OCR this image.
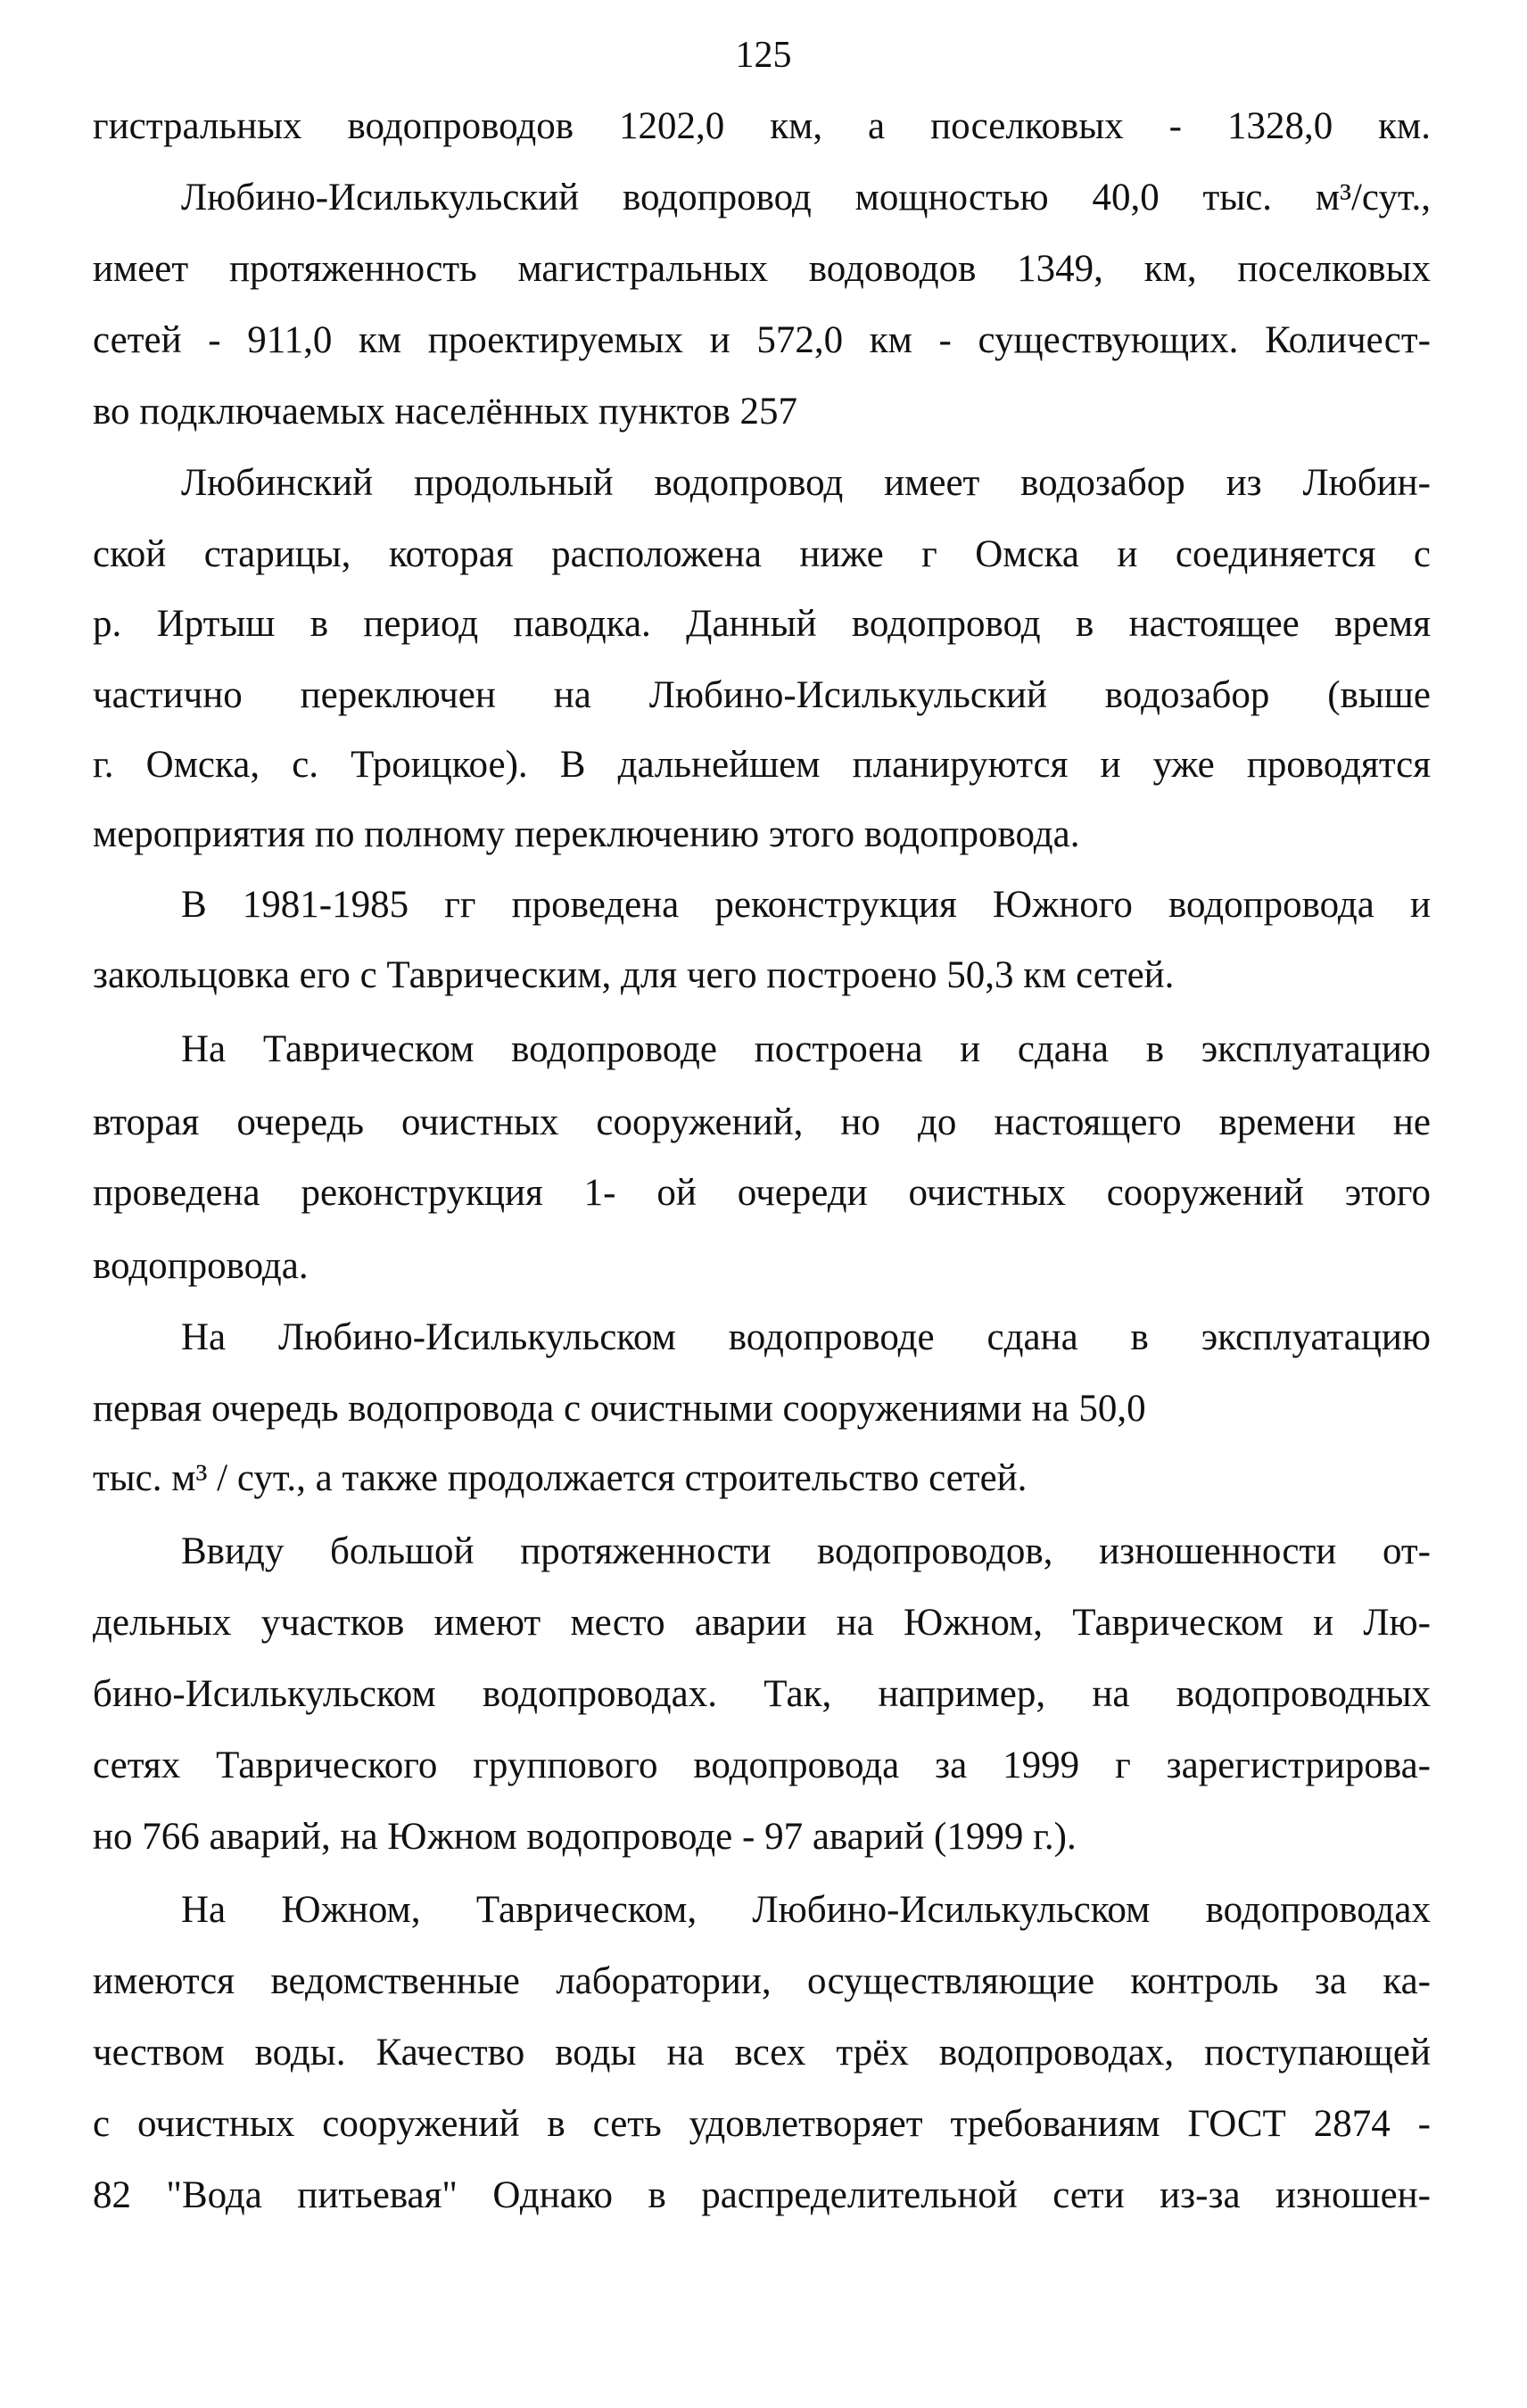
125
гистральных водопроводов 1202,0 км, а поселковых - 1328,0 км.
Любино-Исилькульский водопровод мощностью 40,0 тыс. м³/сут.,
имеет протяженность магистральных водоводов 1349, км, поселковых
сетей - 911,0 км проектируемых и 572,0 км - существующих. Количест-
во подключаемых населённых пунктов 257
Любинский продольный водопровод имеет водозабор из Любин-
ской старицы, которая расположена ниже г Омска и соединяется с
р. Иртыш в период паводка. Данный водопровод в настоящее время
частично переключен на Любино-Исилькульский водозабор (выше
г. Омска, с. Троицкое). В дальнейшем планируются и уже проводятся
мероприятия по полному переключению этого водопровода.
В 1981-1985 гг проведена реконструкция Южного водопровода и
закольцовка его с Таврическим, для чего построено 50,3 км сетей.
На Таврическом водопроводе построена и сдана в эксплуатацию
вторая очередь очистных сооружений, но до настоящего времени не
проведена реконструкция 1- ой очереди очистных сооружений этого
водопровода.
На Любино-Исилькульском водопроводе сдана в эксплуатацию
первая очередь водопровода с очистными сооружениями на 50,0
тыс. м³ / сут., а также продолжается строительство сетей.
Ввиду большой протяженности водопроводов, изношенности от-
дельных участков имеют место аварии на Южном, Таврическом и Лю-
бино-Исилькульском водопроводах. Так, например, на водопроводных
сетях Таврического группового водопровода за 1999 г зарегистрирова-
но 766 аварий, на Южном водопроводе - 97 аварий (1999 г.).
На Южном, Таврическом, Любино-Исилькульском водопроводах
имеются ведомственные лаборатории, осуществляющие контроль за ка-
чеством воды. Качество воды на всех трёх водопроводах, поступающей
с очистных сооружений в сеть удовлетворяет требованиям ГОСТ 2874 -
82 "Вода питьевая" Однако в распределительной сети из-за изношен-
